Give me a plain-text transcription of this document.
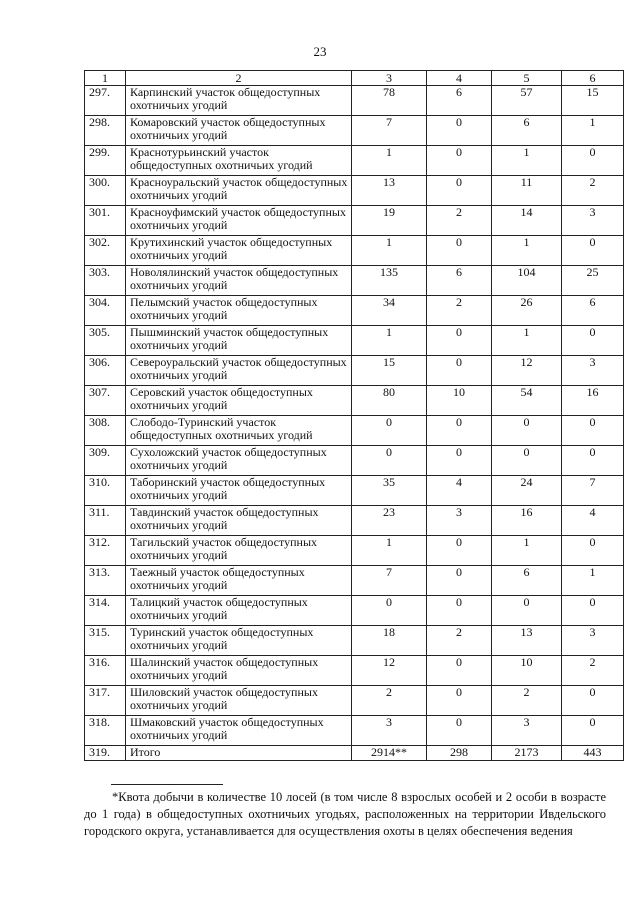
23
1	2	3	4	5	6
297.	Карпинский участок общедоступных охотничьих угодий	78	6	57	15
298.	Комаровский участок общедоступных охотничьих угодий	7	0	6	1
299.	Краснотурьинский участок общедоступных охотничьих угодий	1	0	1	0
300.	Красноуральский участок общедоступных охотничьих угодий	13	0	11	2
301.	Красноуфимский участок общедоступных охотничьих угодий	19	2	14	3
302.	Крутихинский участок общедоступных охотничьих угодий	1	0	1	0
303.	Новолялинский участок общедоступных охотничьих угодий	135	6	104	25
304.	Пелымский участок общедоступных охотничьих угодий	34	2	26	6
305.	Пышминский участок общедоступных охотничьих угодий	1	0	1	0
306.	Североуральский участок общедоступных охотничьих угодий	15	0	12	3
307.	Серовский участок общедоступных охотничьих угодий	80	10	54	16
308.	Слободо-Туринский участок общедоступных охотничьих угодий	0	0	0	0
309.	Сухоложский участок общедоступных охотничьих угодий	0	0	0	0
310.	Таборинский участок общедоступных охотничьих угодий	35	4	24	7
311.	Тавдинский участок общедоступных охотничьих угодий	23	3	16	4
312.	Тагильский участок общедоступных охотничьих угодий	1	0	1	0
313.	Таежный участок общедоступных охотничьих угодий	7	0	6	1
314.	Талицкий участок общедоступных охотничьих угодий	0	0	0	0
315.	Туринский участок общедоступных охотничьих угодий	18	2	13	3
316.	Шалинский участок общедоступных охотничьих угодий	12	0	10	2
317.	Шиловский участок общедоступных охотничьих угодий	2	0	2	0
318.	Шмаковский участок общедоступных охотничьих угодий	3	0	3	0
319.	Итого	2914**	298	2173	443
*Квота добычи в количестве 10 лосей (в том числе 8 взрослых особей и 2 особи в возрасте до 1 года) в общедоступных охотничьих угодьях, расположенных на территории Ивдельского городского округа, устанавливается для осуществления охоты в целях обеспечения ведения
